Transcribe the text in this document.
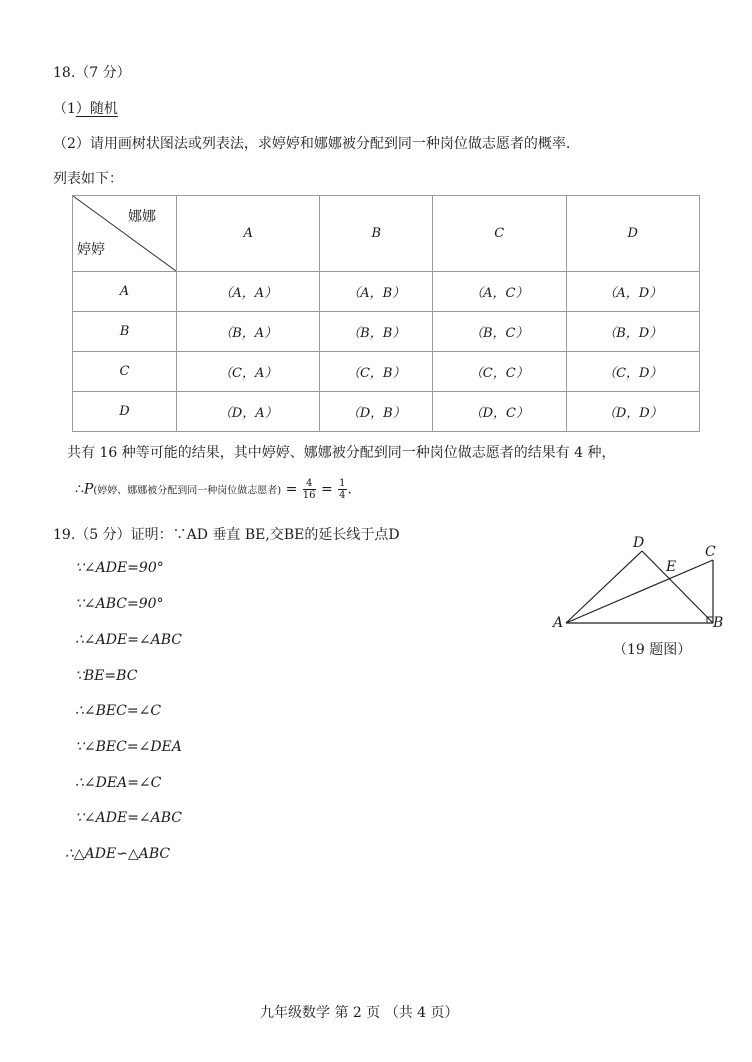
18.（7 分）
（1）随机
（2）请用画树状图法或列表法，求婷婷和娜娜被分配到同一种岗位做志愿者的概率.
列表如下：
娜娜
婷婷	A	B	C	D
A	（A，A）	（A，B）	（A，C）	（A，D）
B	（B，A）	（B，B）	（B，C）	（B，D）
C	（C，A）	（C，B）	（C，C）	（C，D）
D	（D，A）	（D，B）	（D，C）	（D，D）
共有 16 种等可能的结果，其中婷婷、娜娜被分配到同一种岗位做志愿者的结果有 4 种，
∴P(婷婷、娜娜被分配到同一种岗位做志愿者) = $\frac{4}{16} = \frac{1}{4}$ .
19.（5 分）证明：∵AD 垂直 BE,交BE的延长线于点D
∵∠ADE=90°
∵∠ABC=90°
∴∠ADE=∠ABC
∵BE=BC
∴∠BEC=∠C
∵∠BEC=∠DEA
∴∠DEA=∠C
∵∠ADE=∠ABC
∴△ADE∽△ABC
A	B
C
D
E
（19 题图）
九年级数学 第 2 页 （共 4 页）
